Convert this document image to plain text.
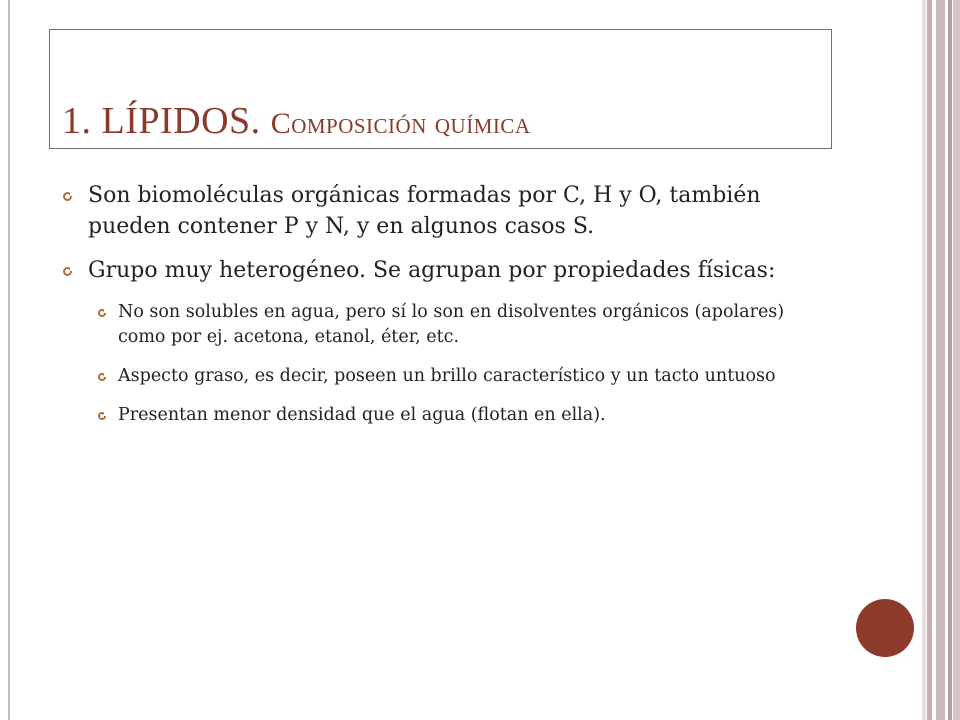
1. LÍPIDOS. Composición química
Son biomoléculas orgánicas formadas por C, H y O, también pueden contener P y N, y en algunos casos S.
Grupo muy heterogéneo. Se agrupan por propiedades físicas:
No son solubles en agua, pero sí lo son en disolventes orgánicos (apolares) como por ej. acetona, etanol, éter, etc.
Aspecto graso, es decir, poseen un brillo característico y un tacto untuoso
Presentan menor densidad que el agua (flotan en ella).
